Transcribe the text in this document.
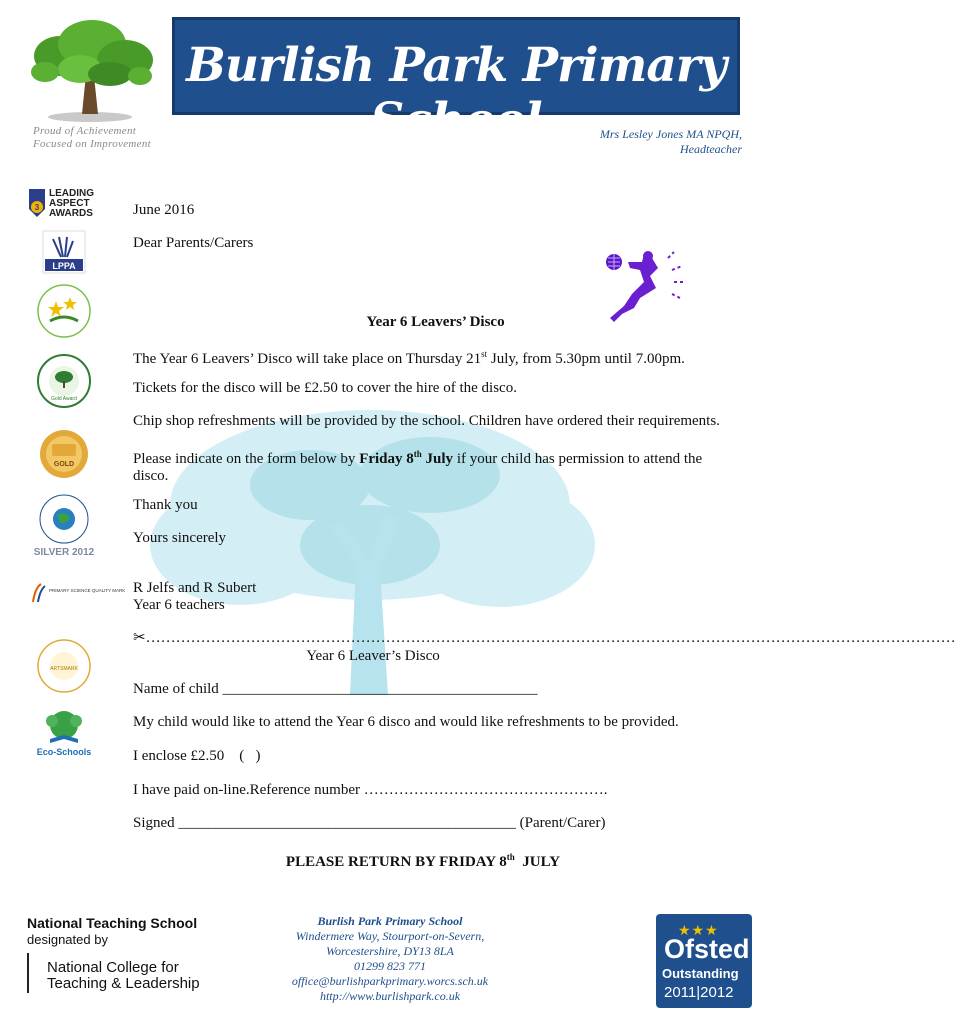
Burlish Park Primary School
Proud of Achievement
Focused on Improvement
Mrs Lesley Jones MA NPQH,
Headteacher
3
LEADING
ASPECT
AWARDS
LPPA
Gold Award
GOLD
SILVER 2012
PRIMARY SCIENCE QUALITY MARK
ARTSMARK
Eco-Schools

June 2016

Dear Parents/Carers

Year 6 Leavers’ Disco

The Year 6 Leavers’ Disco will take place on Thursday 21st July, from 5.30pm until 7.00pm.

Tickets for the disco will be £2.50 to cover the hire of the disco.

Chip shop refreshments will be provided by the school. Children have ordered their requirements.

Please indicate on the form below by Friday 8th July if your child has permission to attend the disco.

Thank you

Yours sincerely

R Jelfs and R Subert

Year 6 teachers

✂………………………………………………………………………………………………………………………………………………

Year 6 Leaver’s Disco

Name of child __________________________________________

My child would like to attend the Year 6 disco and would like refreshments to be provided.

I enclose £2.50    (   )

I have paid on-line.Reference number ………………………………………….

Signed _____________________________________________ (Parent/Carer)

PLEASE RETURN BY FRIDAY 8th  JULY

National Teaching School
designated by
National College for
Teaching & Leadership
Burlish Park Primary School
Windermere Way, Stourport-on-Severn,
Worcestershire, DY13 8LA
01299 823 771
office@burlishparkprimary.worcs.sch.uk
http://www.burlishpark.co.uk
★★★
Ofsted
Outstanding
2011|2012
